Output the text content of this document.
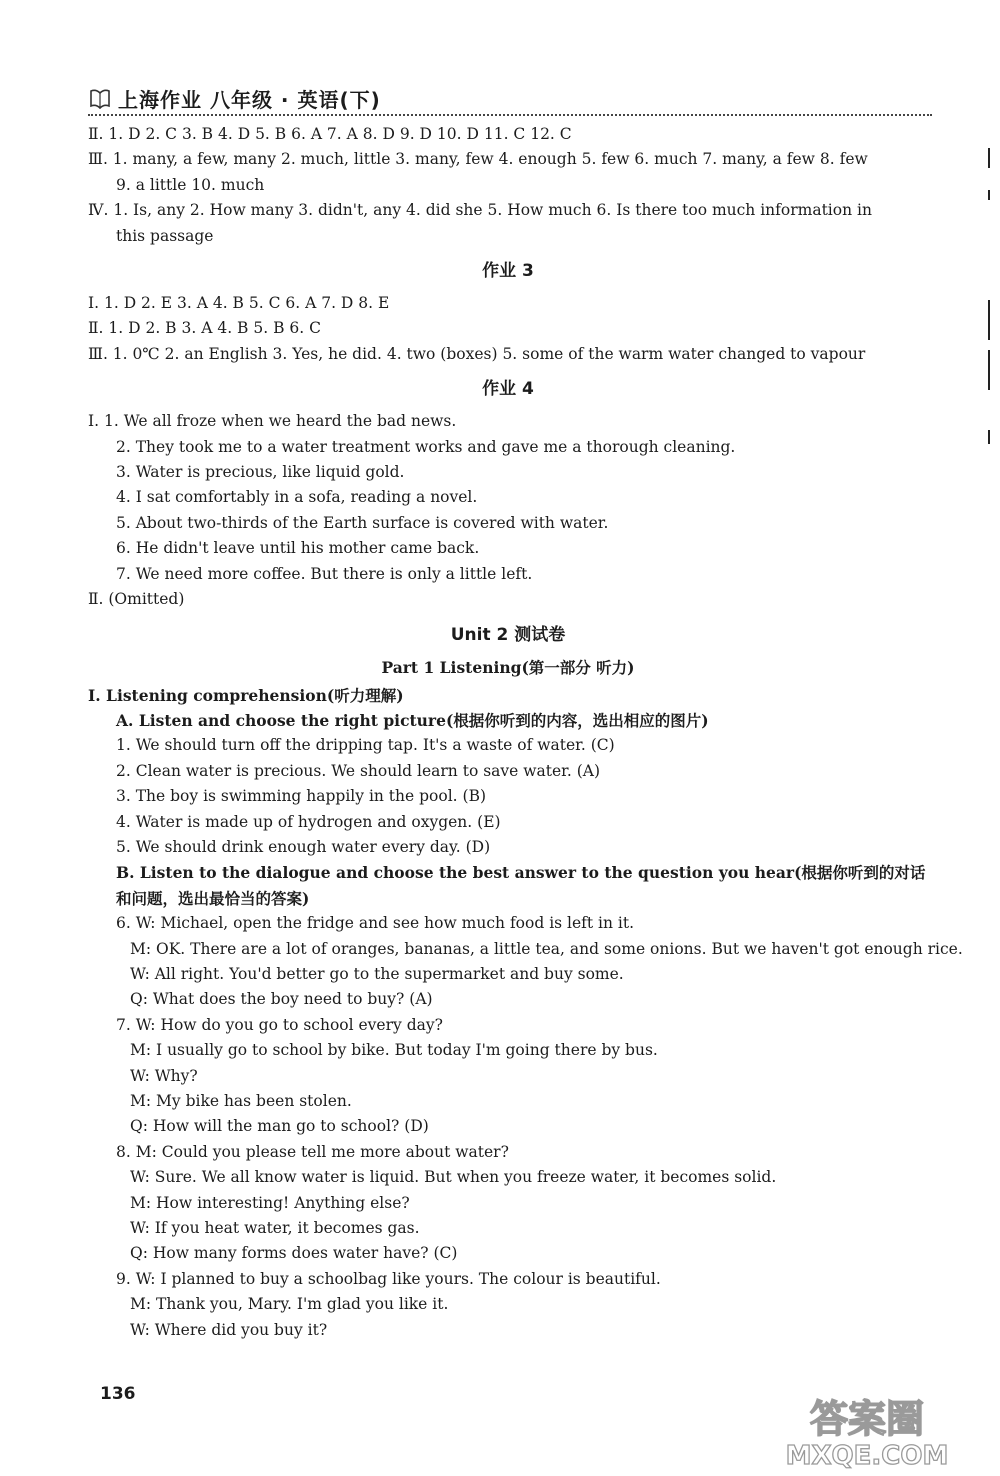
上海作业 八年级 · 英语(下)
Ⅱ. 1. D 2. C 3. B 4. D 5. B 6. A 7. A 8. D 9. D 10. D 11. C 12. C
Ⅲ. 1. many, a few, many 2. much, little 3. many, few 4. enough 5. few 6. much 7. many, a few 8. few
9. a little 10. much
Ⅳ. 1. Is, any 2. How many 3. didn't, any 4. did she 5. How much 6. Is there too much information in
this passage
作业 3
Ⅰ. 1. D 2. E 3. A 4. B 5. C 6. A 7. D 8. E
Ⅱ. 1. D 2. B 3. A 4. B 5. B 6. C
Ⅲ. 1. 0℃ 2. an English 3. Yes, he did. 4. two (boxes) 5. some of the warm water changed to vapour
作业 4
Ⅰ. 1. We all froze when we heard the bad news.
2. They took me to a water treatment works and gave me a thorough cleaning.
3. Water is precious, like liquid gold.
4. I sat comfortably in a sofa, reading a novel.
5. About two-thirds of the Earth surface is covered with water.
6. He didn't leave until his mother came back.
7. We need more coffee. But there is only a little left.
Ⅱ. (Omitted)
Unit 2 测试卷
Part 1 Listening(第一部分 听力)
Ⅰ. Listening comprehension(听力理解)
A. Listen and choose the right picture(根据你听到的内容，选出相应的图片)
1. We should turn off the dripping tap. It's a waste of water. (C)
2. Clean water is precious. We should learn to save water. (A)
3. The boy is swimming happily in the pool. (B)
4. Water is made up of hydrogen and oxygen. (E)
5. We should drink enough water every day. (D)
B. Listen to the dialogue and choose the best answer to the question you hear(根据你听到的对话和问题，选出最恰当的答案)
6. W: Michael, open the fridge and see how much food is left in it.
M: OK. There are a lot of oranges, bananas, a little tea, and some onions. But we haven't got enough rice.
W: All right. You'd better go to the supermarket and buy some.
Q: What does the boy need to buy? (A)
7. W: How do you go to school every day?
M: I usually go to school by bike. But today I'm going there by bus.
W: Why?
M: My bike has been stolen.
Q: How will the man go to school? (D)
8. M: Could you please tell me more about water?
W: Sure. We all know water is liquid. But when you freeze water, it becomes solid.
M: How interesting! Anything else?
W: If you heat water, it becomes gas.
Q: How many forms does water have? (C)
9. W: I planned to buy a schoolbag like yours. The colour is beautiful.
M: Thank you, Mary. I'm glad you like it.
W: Where did you buy it?
136
答案圈
MXQE.COM
